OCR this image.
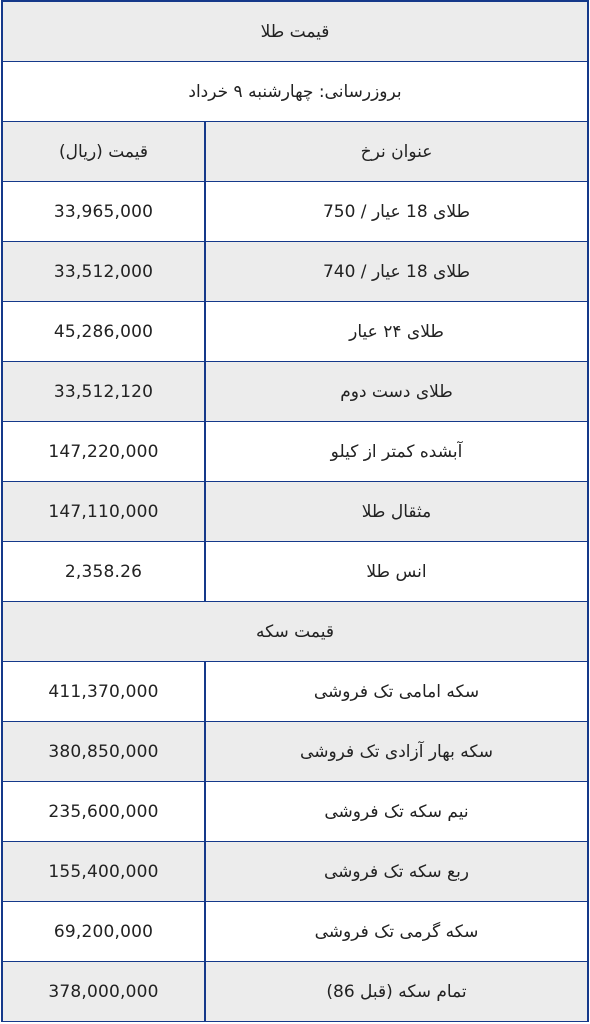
قیمت طلا
بروزرسانی: چهارشنبه ۹ خرداد
عنوان نرخ
قیمت (ریال)
طلای 18 عیار / 750
33,965,000
طلای 18 عیار / 740
33,512,000
طلای ۲۴ عیار
45,286,000
طلای دست دوم
33,512,120
آبشده کمتر از کیلو
147,220,000
مثقال طلا
147,110,000
انس طلا
2,358.26
قیمت سکه
سکه امامی تک فروشی
411,370,000
سکه بهار آزادی تک فروشی
380,850,000
نیم سکه تک فروشی
235,600,000
ربع سکه تک فروشی
155,400,000
سکه گرمی تک فروشی
69,200,000
تمام سکه (قبل 86)
378,000,000
